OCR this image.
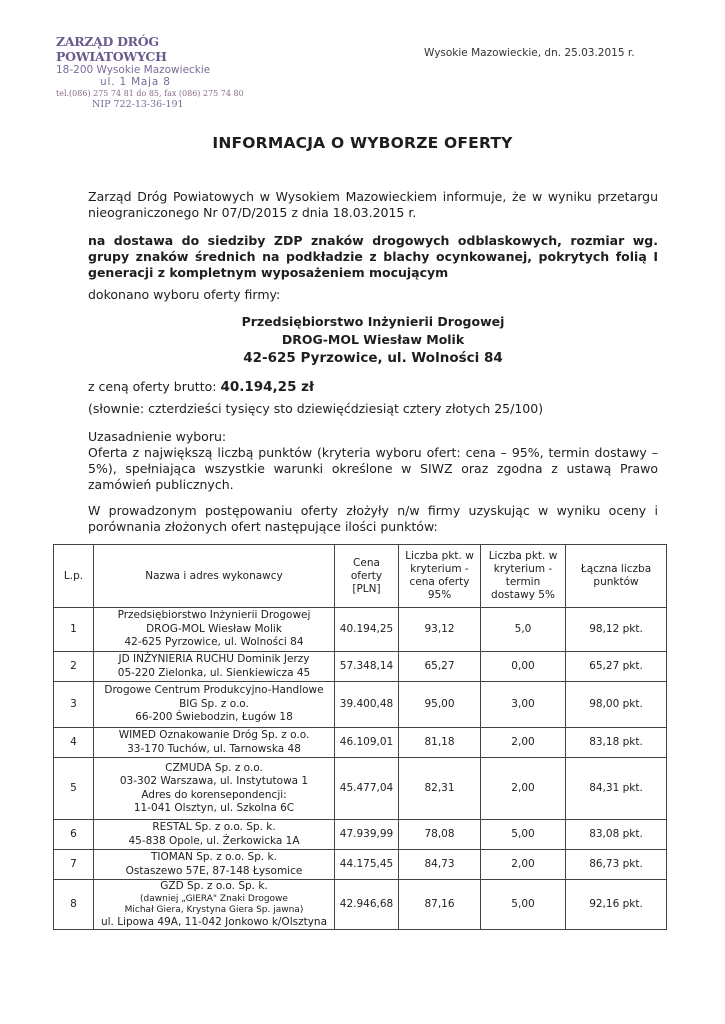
ZARZĄD DRÓG POWIATOWYCH
18-200 Wysokie Mazowieckie
ul. 1 Maja 8
tel.(086) 275 74 81 do 85, fax (086) 275 74 80
NIP 722-13-36-191
Wysokie Mazowieckie, dn. 25.03.2015 r.
INFORMACJA O WYBORZE OFERTY

Zarząd Dróg Powiatowych w Wysokiem Mazowieckiem informuje, że w wyniku przetargu nieograniczonego Nr 07/D/2015 z dnia 18.03.2015 r.

na dostawa do siedziby ZDP znaków drogowych odblaskowych, rozmiar wg. grupy znaków średnich na podkładzie z blachy ocynkowanej, pokrytych folią I generacji z kompletnym wyposażeniem mocującym

dokonano wyboru oferty firmy:

Przedsiębiorstwo Inżynierii Drogowej
DROG-MOL Wiesław Molik
42-625 Pyrzowice, ul. Wolności 84

z ceną oferty brutto: 40.194,25 zł

(słownie: czterdzieści tysięcy sto dziewięćdziesiąt cztery złotych 25/100)

Uzasadnienie wyboru:

Oferta z największą liczbą punktów (kryteria wyboru ofert: cena – 95%, termin dostawy – 5%), spełniająca wszystkie warunki określone w SIWZ oraz zgodna z ustawą Prawo zamówień publicznych.

W prowadzonym postępowaniu oferty złożyły n/w firmy uzyskując w wyniku oceny i porównania złożonych ofert następujące ilości punktów:

L.p.	Nazwa i adres wykonawcy	Cena oferty [PLN]	Liczba pkt. w kryterium - cena oferty 95%	Liczba pkt. w kryterium - termin dostawy 5%	Łączna liczba punktów
1	Przedsiębiorstwo Inżynierii Drogowej
DROG-MOL Wiesław Molik
42-625 Pyrzowice, ul. Wolności 84	40.194,25	93,12	5,0	98,12 pkt.
2	JD INŻYNIERIA RUCHU Dominik Jerzy
05-220 Zielonka, ul. Sienkiewicza 45	57.348,14	65,27	0,00	65,27 pkt.
3	Drogowe Centrum Produkcyjno-Handlowe
BIG Sp. z o.o.
66-200 Świebodzin, Ługów 18	39.400,48	95,00	3,00	98,00 pkt.
4	WIMED Oznakowanie Dróg Sp. z o.o.
33-170 Tuchów, ul. Tarnowska 48	46.109,01	81,18	2,00	83,18 pkt.
5	CZMUDA Sp. z o.o.
03-302 Warszawa, ul. Instytutowa 1
Adres do korensepondencji:
11-041 Olsztyn, ul. Szkolna 6C	45.477,04	82,31	2,00	84,31 pkt.
6	RESTAL Sp. z o.o. Sp. k.
45-838 Opole, ul. Żerkowicka 1A	47.939,99	78,08	5,00	83,08 pkt.
7	TIOMAN Sp. z o.o. Sp. k.
Ostaszewo 57E, 87-148 Łysomice	44.175,45	84,73	2,00	86,73 pkt.
8	GZD Sp. z o.o. Sp. k.
(dawniej „GIERA" Znaki Drogowe
Michał Giera, Krystyna Giera Sp. jawna)
ul. Lipowa 49A, 11-042 Jonkowo k/Olsztyna	42.946,68	87,16	5,00	92,16 pkt.
